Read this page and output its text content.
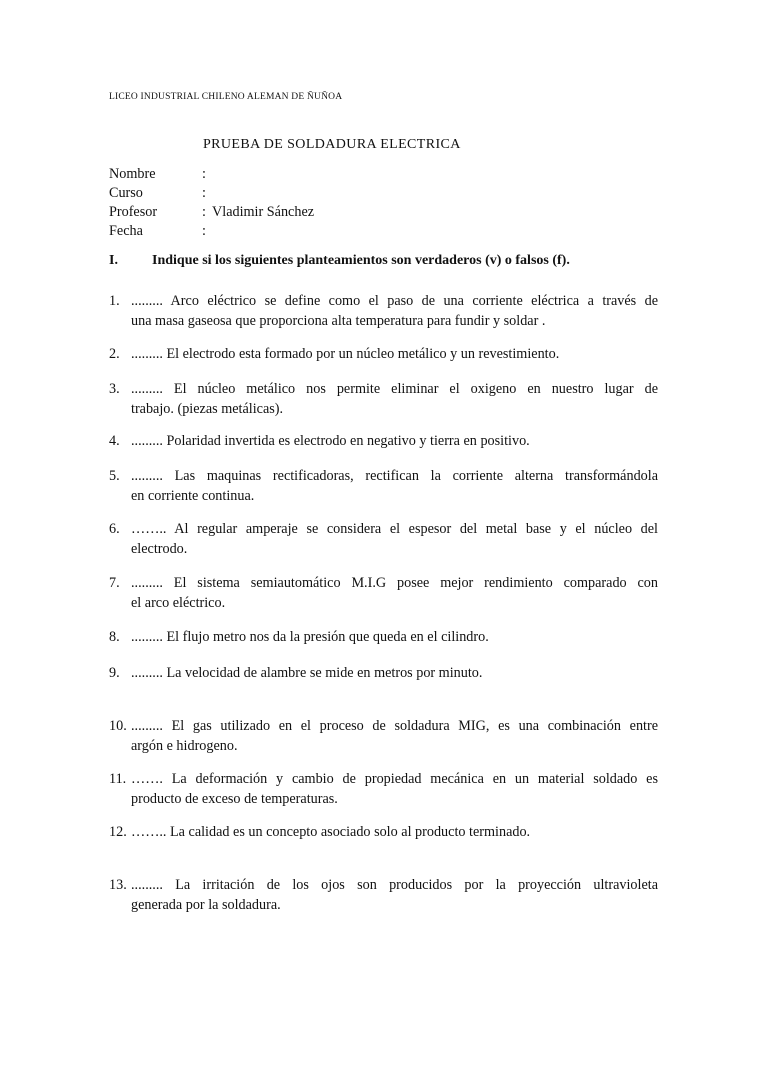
LICEO INDUSTRIAL CHILENO ALEMAN DE ÑUÑOA
PRUEBA DE SOLDADURA ELECTRICA
Nombre	:
Curso	:
Profesor	: Vladimir Sánchez
Fecha	:
I. Indique si los siguientes planteamientos son verdaderos (v) o falsos (f).
1. ......... Arco eléctrico se define como el paso de una corriente eléctrica a través de
una masa gaseosa que proporciona alta temperatura para fundir y soldar .
2. ......... El electrodo esta formado por un núcleo metálico y un revestimiento.
3. ......... El núcleo metálico nos permite eliminar el oxigeno en nuestro lugar de
trabajo. (piezas metálicas).
4. ......... Polaridad invertida es electrodo en negativo y tierra en positivo.
5. ......... Las maquinas rectificadoras, rectifican la corriente alterna transformándola
en corriente continua.
6. …….. Al regular amperaje se considera el espesor del metal base y el núcleo del
electrodo.
7. ......... El sistema semiautomático M.I.G posee mejor rendimiento comparado con
el arco eléctrico.
8. ......... El flujo metro nos da la presión que queda en el cilindro.
9. ......... La velocidad de alambre se mide en metros por minuto.
10. ......... El gas utilizado en el proceso de soldadura MIG, es una combinación entre
argón e hidrogeno.
11. ……. La deformación y cambio de propiedad mecánica en un material soldado es
producto de exceso de temperaturas.
12. …….. La calidad es un concepto asociado solo al producto terminado.
13. ......... La irritación de los ojos son producidos por la proyección ultravioleta
generada por la soldadura.
